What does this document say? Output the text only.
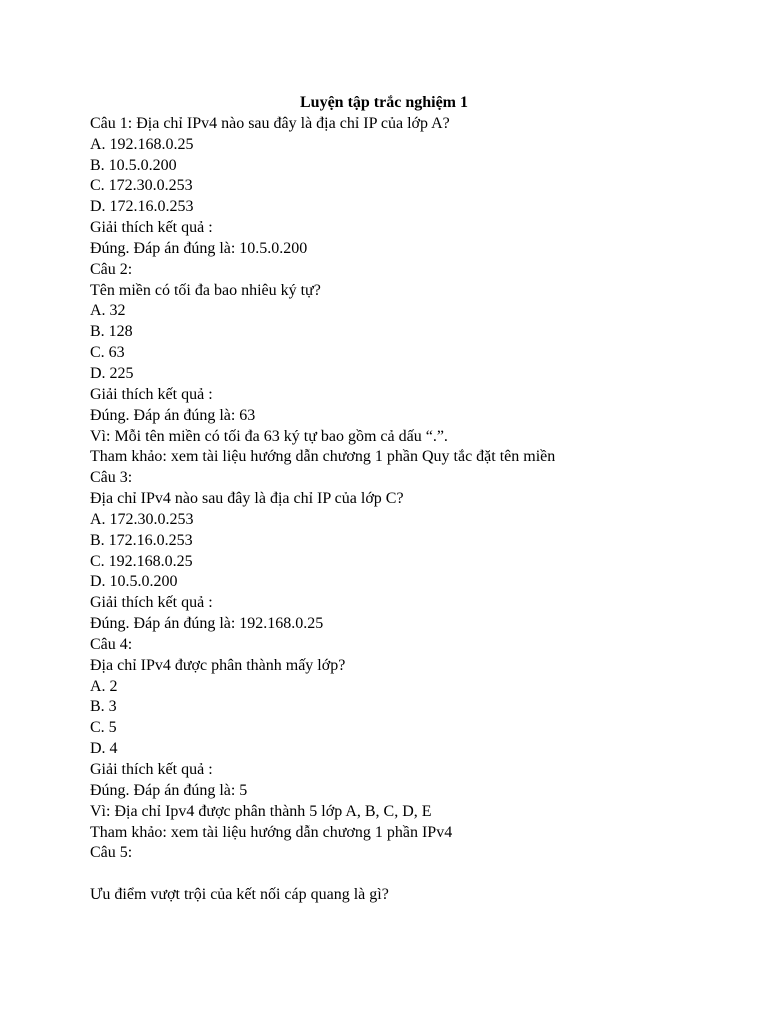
Luyện tập trắc nghiệm 1

Câu 1: Địa chỉ IPv4 nào sau đây là địa chỉ IP của lớp A?

A. 192.168.0.25

B. 10.5.0.200

C. 172.30.0.253

D. 172.16.0.253

Giải thích kết quả :

Đúng. Đáp án đúng là: 10.5.0.200

Câu 2:

Tên miền có tối đa bao nhiêu ký tự?

A. 32

B. 128

C. 63

D. 225

Giải thích kết quả :

Đúng. Đáp án đúng là: 63

Vì: Mỗi tên miền có tối đa 63 ký tự bao gồm cả dấu “.”.

Tham khảo: xem tài liệu hướng dẫn chương 1 phần Quy tắc đặt tên miền

Câu 3:

Địa chỉ IPv4 nào sau đây là địa chỉ IP của lớp C?

A. 172.30.0.253

B. 172.16.0.253

C. 192.168.0.25

D. 10.5.0.200

Giải thích kết quả :

Đúng. Đáp án đúng là: 192.168.0.25

Câu 4:

Địa chỉ IPv4 được phân thành mấy lớp?

A. 2

B. 3

C. 5

D. 4

Giải thích kết quả :

Đúng. Đáp án đúng là: 5

Vì: Địa chỉ Ipv4 được phân thành 5 lớp A, B, C, D, E

Tham khảo: xem tài liệu hướng dẫn chương 1 phần IPv4

Câu 5:

Ưu điểm vượt trội của kết nối cáp quang là gì?
